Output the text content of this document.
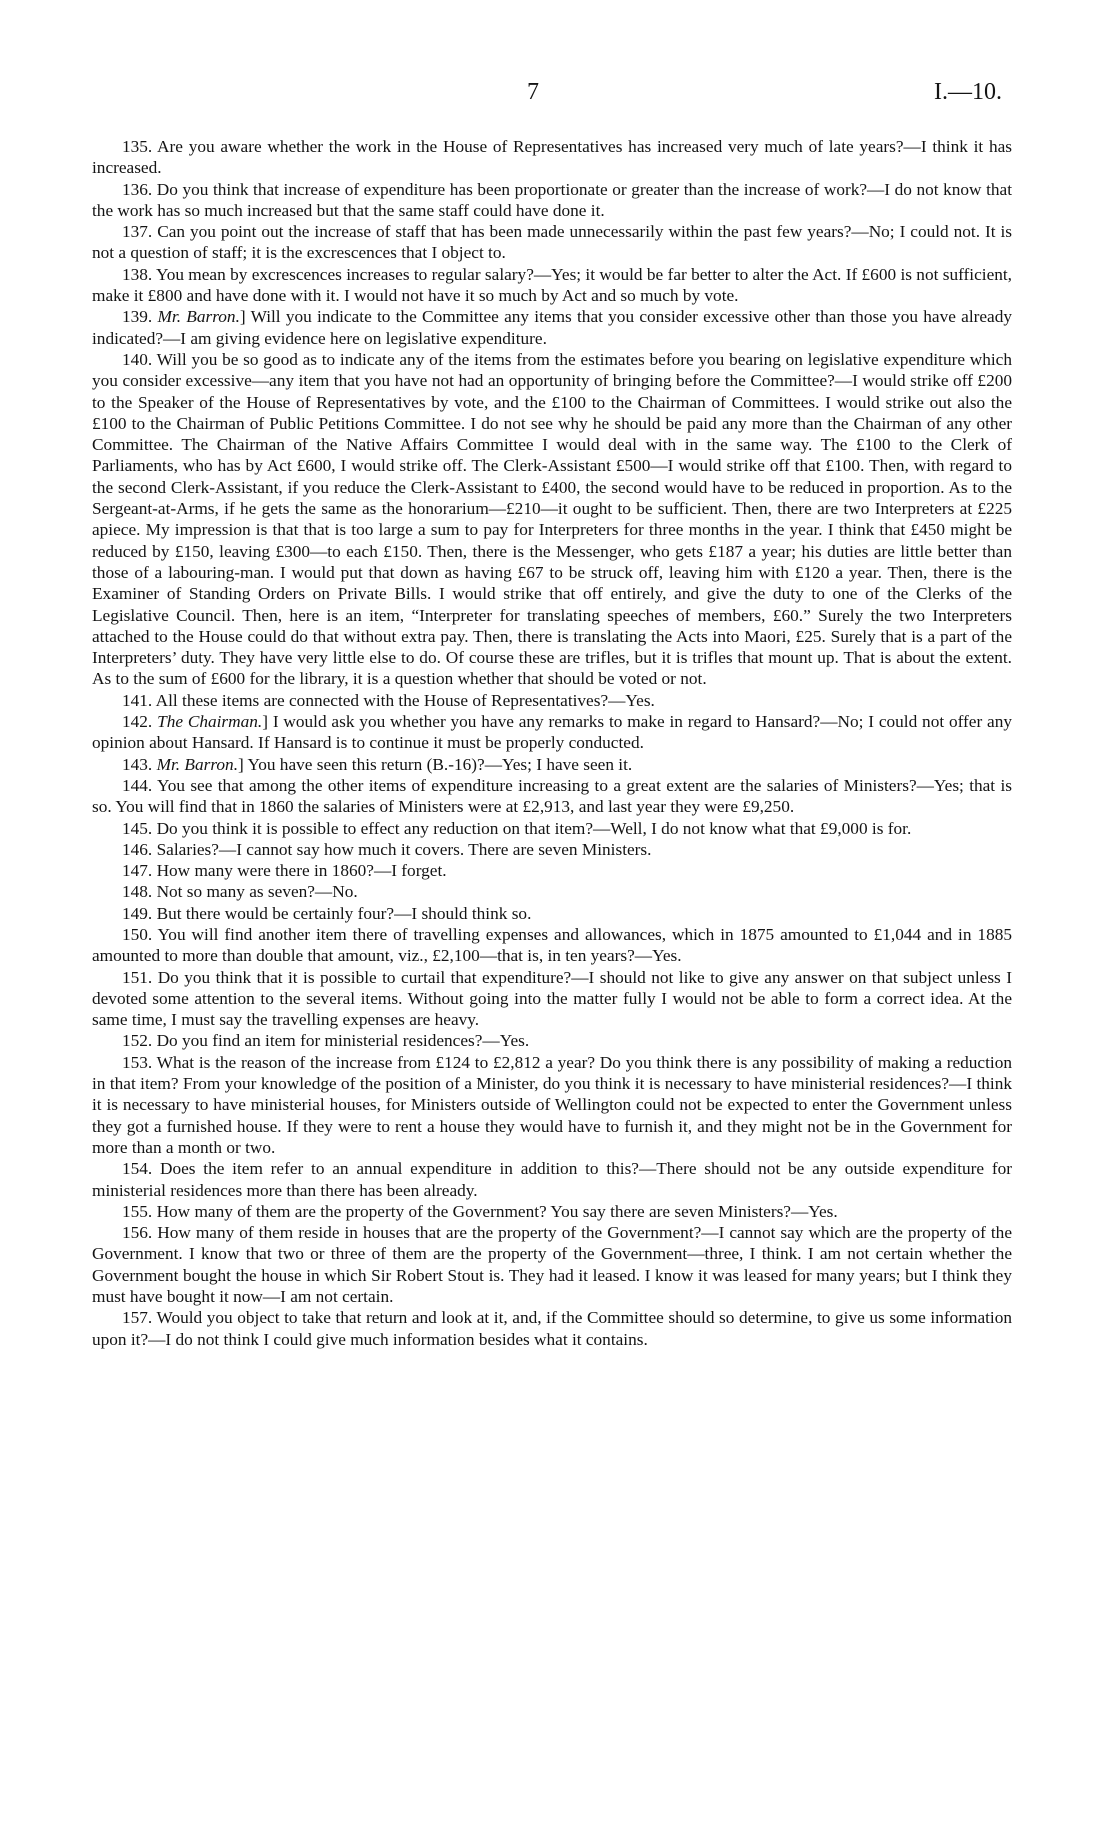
7	I.—10.

135. Are you aware whether the work in the House of Representatives has increased very much of late years?—I think it has increased.

136. Do you think that increase of expenditure has been proportionate or greater than the increase of work?—I do not know that the work has so much increased but that the same staff could have done it.

137. Can you point out the increase of staff that has been made unnecessarily within the past few years?—No; I could not. It is not a question of staff; it is the excrescences that I object to.

138. You mean by excrescences increases to regular salary?—Yes; it would be far better to alter the Act. If £600 is not sufficient, make it £800 and have done with it. I would not have it so much by Act and so much by vote.

139. Mr. Barron.] Will you indicate to the Committee any items that you consider excessive other than those you have already indicated?—I am giving evidence here on legislative expenditure.

140. Will you be so good as to indicate any of the items from the estimates before you bearing on legislative expenditure which you consider excessive—any item that you have not had an opportunity of bringing before the Committee?—I would strike off £200 to the Speaker of the House of Representatives by vote, and the £100 to the Chairman of Committees. I would strike out also the £100 to the Chairman of Public Petitions Committee. I do not see why he should be paid any more than the Chairman of any other Committee. The Chairman of the Native Affairs Committee I would deal with in the same way. The £100 to the Clerk of Parliaments, who has by Act £600, I would strike off. The Clerk-Assistant £500—I would strike off that £100. Then, with regard to the second Clerk-Assistant, if you reduce the Clerk-Assistant to £400, the second would have to be reduced in proportion. As to the Sergeant-at-Arms, if he gets the same as the honorarium—£210—it ought to be sufficient. Then, there are two Interpreters at £225 apiece. My impression is that that is too large a sum to pay for Interpreters for three months in the year. I think that £450 might be reduced by £150, leaving £300—to each £150. Then, there is the Messenger, who gets £187 a year; his duties are little better than those of a labouring-man. I would put that down as having £67 to be struck off, leaving him with £120 a year. Then, there is the Examiner of Standing Orders on Private Bills. I would strike that off entirely, and give the duty to one of the Clerks of the Legislative Council. Then, here is an item, “Interpreter for translating speeches of members, £60.” Surely the two Interpreters attached to the House could do that without extra pay. Then, there is translating the Acts into Maori, £25. Surely that is a part of the Interpreters’ duty. They have very little else to do. Of course these are trifles, but it is trifles that mount up. That is about the extent. As to the sum of £600 for the library, it is a question whether that should be voted or not.

141. All these items are connected with the House of Representatives?—Yes.

142. The Chairman.] I would ask you whether you have any remarks to make in regard to Hansard?—No; I could not offer any opinion about Hansard. If Hansard is to continue it must be properly conducted.

143. Mr. Barron.] You have seen this return (B.-16)?—Yes; I have seen it.

144. You see that among the other items of expenditure increasing to a great extent are the salaries of Ministers?—Yes; that is so. You will find that in 1860 the salaries of Ministers were at £2,913, and last year they were £9,250.

145. Do you think it is possible to effect any reduction on that item?—Well, I do not know what that £9,000 is for.

146. Salaries?—I cannot say how much it covers. There are seven Ministers.

147. How many were there in 1860?—I forget.

148. Not so many as seven?—No.

149. But there would be certainly four?—I should think so.

150. You will find another item there of travelling expenses and allowances, which in 1875 amounted to £1,044 and in 1885 amounted to more than double that amount, viz., £2,100—that is, in ten years?—Yes.

151. Do you think that it is possible to curtail that expenditure?—I should not like to give any answer on that subject unless I devoted some attention to the several items. Without going into the matter fully I would not be able to form a correct idea. At the same time, I must say the travelling expenses are heavy.

152. Do you find an item for ministerial residences?—Yes.

153. What is the reason of the increase from £124 to £2,812 a year? Do you think there is any possibility of making a reduction in that item? From your knowledge of the position of a Minister, do you think it is necessary to have ministerial residences?—I think it is necessary to have ministerial houses, for Ministers outside of Wellington could not be expected to enter the Government unless they got a furnished house. If they were to rent a house they would have to furnish it, and they might not be in the Government for more than a month or two.

154. Does the item refer to an annual expenditure in addition to this?—There should not be any outside expenditure for ministerial residences more than there has been already.

155. How many of them are the property of the Government? You say there are seven Ministers?—Yes.

156. How many of them reside in houses that are the property of the Government?—I cannot say which are the property of the Government. I know that two or three of them are the property of the Government—three, I think. I am not certain whether the Government bought the house in which Sir Robert Stout is. They had it leased. I know it was leased for many years; but I think they must have bought it now—I am not certain.

157. Would you object to take that return and look at it, and, if the Committee should so determine, to give us some information upon it?—I do not think I could give much information besides what it contains.
